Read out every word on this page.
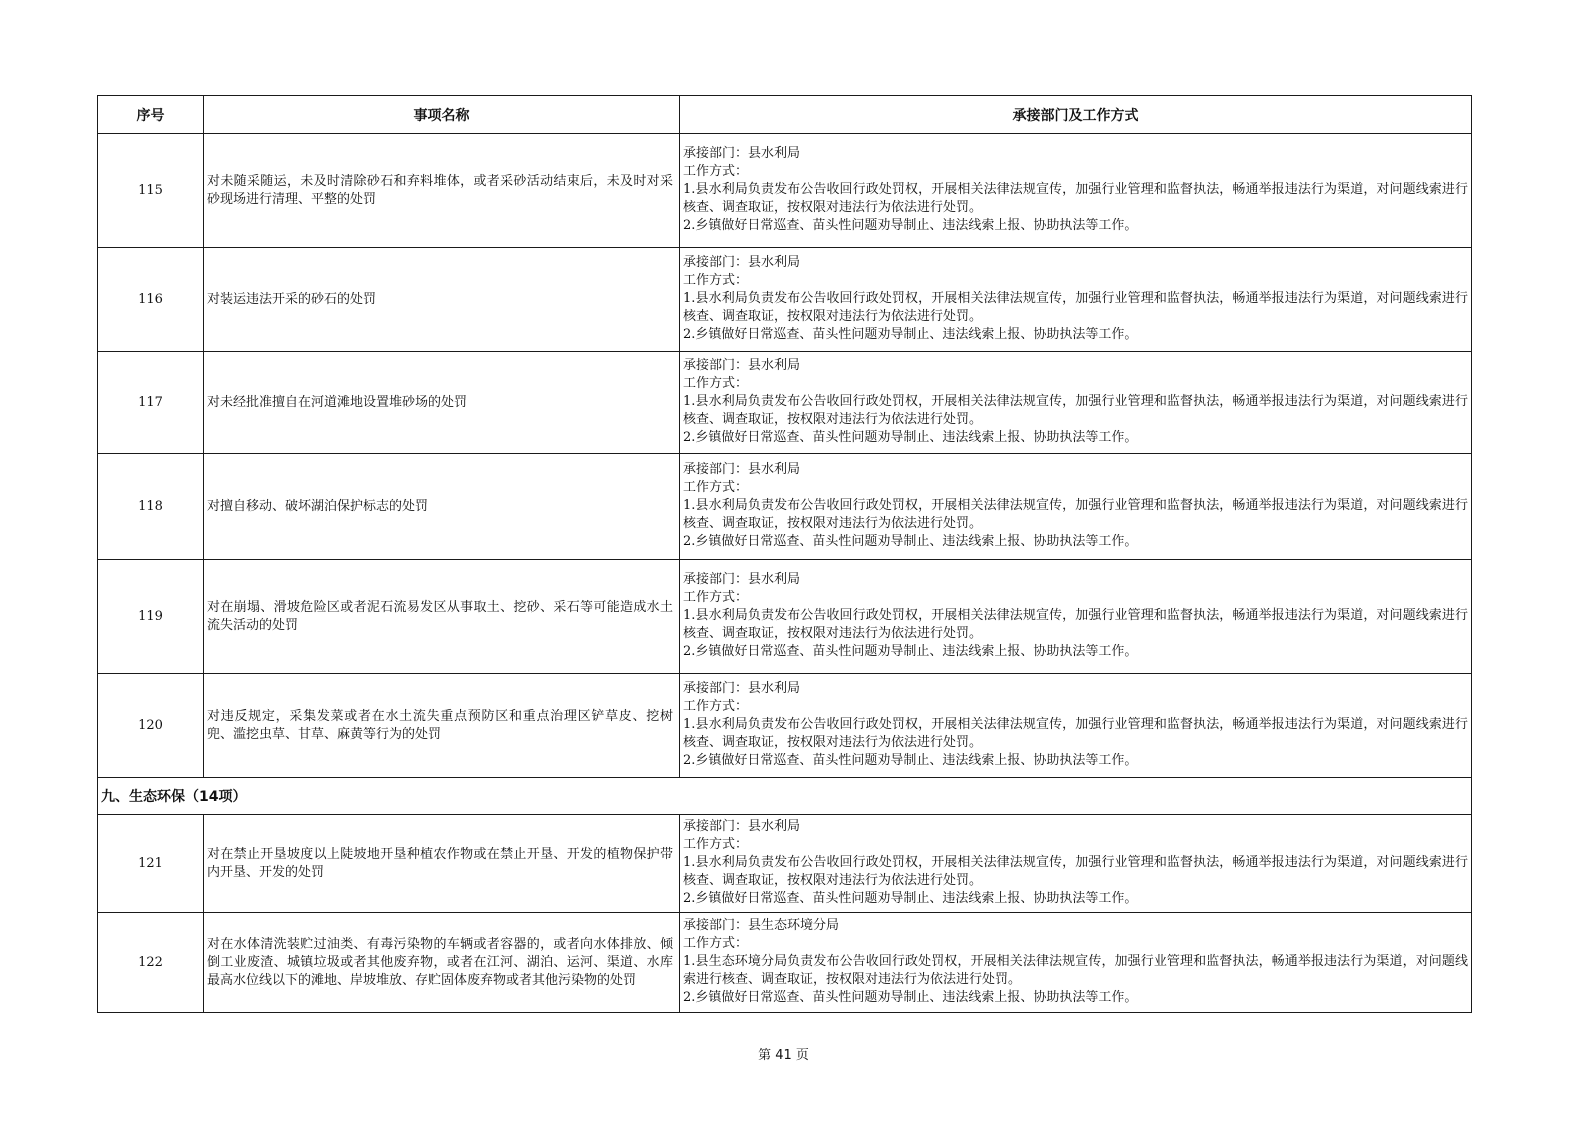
序号	事项名称	承接部门及工作方式
115	对未随采随运，未及时清除砂石和弃料堆体，或者采砂活动结束后，未及时对采砂现场进行清理、平整的处罚	承接部门：县水利局
工作方式：
1.县水利局负责发布公告收回行政处罚权，开展相关法律法规宣传，加强行业管理和监督执法，畅通举报违法行为渠道，对问题线索进行核查、调查取证，按权限对违法行为依法进行处罚。
2.乡镇做好日常巡查、苗头性问题劝导制止、违法线索上报、协助执法等工作。

116	对装运违法开采的砂石的处罚	承接部门：县水利局
工作方式：
1.县水利局负责发布公告收回行政处罚权，开展相关法律法规宣传，加强行业管理和监督执法，畅通举报违法行为渠道，对问题线索进行核查、调查取证，按权限对违法行为依法进行处罚。
2.乡镇做好日常巡查、苗头性问题劝导制止、违法线索上报、协助执法等工作。

117	对未经批准擅自在河道滩地设置堆砂场的处罚	承接部门：县水利局
工作方式：
1.县水利局负责发布公告收回行政处罚权，开展相关法律法规宣传，加强行业管理和监督执法，畅通举报违法行为渠道，对问题线索进行核查、调查取证，按权限对违法行为依法进行处罚。
2.乡镇做好日常巡查、苗头性问题劝导制止、违法线索上报、协助执法等工作。

118	对擅自移动、破坏湖泊保护标志的处罚	承接部门：县水利局
工作方式：
1.县水利局负责发布公告收回行政处罚权，开展相关法律法规宣传，加强行业管理和监督执法，畅通举报违法行为渠道，对问题线索进行核查、调查取证，按权限对违法行为依法进行处罚。
2.乡镇做好日常巡查、苗头性问题劝导制止、违法线索上报、协助执法等工作。

119	对在崩塌、滑坡危险区或者泥石流易发区从事取土、挖砂、采石等可能造成水土流失活动的处罚	承接部门：县水利局
工作方式：
1.县水利局负责发布公告收回行政处罚权，开展相关法律法规宣传，加强行业管理和监督执法，畅通举报违法行为渠道，对问题线索进行核查、调查取证，按权限对违法行为依法进行处罚。
2.乡镇做好日常巡查、苗头性问题劝导制止、违法线索上报、协助执法等工作。

120	对违反规定，采集发菜或者在水土流失重点预防区和重点治理区铲草皮、挖树兜、滥挖虫草、甘草、麻黄等行为的处罚	承接部门：县水利局
工作方式：
1.县水利局负责发布公告收回行政处罚权，开展相关法律法规宣传，加强行业管理和监督执法，畅通举报违法行为渠道，对问题线索进行核查、调查取证，按权限对违法行为依法进行处罚。
2.乡镇做好日常巡查、苗头性问题劝导制止、违法线索上报、协助执法等工作。

九、生态环保（14项）		
121	对在禁止开垦坡度以上陡坡地开垦种植农作物或在禁止开垦、开发的植物保护带内开垦、开发的处罚	承接部门：县水利局
工作方式：
1.县水利局负责发布公告收回行政处罚权，开展相关法律法规宣传，加强行业管理和监督执法，畅通举报违法行为渠道，对问题线索进行核查、调查取证，按权限对违法行为依法进行处罚。
2.乡镇做好日常巡查、苗头性问题劝导制止、违法线索上报、协助执法等工作。

122	对在水体清洗装贮过油类、有毒污染物的车辆或者容器的，或者向水体排放、倾倒工业废渣、城镇垃圾或者其他废弃物，或者在江河、湖泊、运河、渠道、水库最高水位线以下的滩地、岸坡堆放、存贮固体废弃物或者其他污染物的处罚	承接部门：县生态环境分局
工作方式：
1.县生态环境分局负责发布公告收回行政处罚权，开展相关法律法规宣传，加强行业管理和监督执法，畅通举报违法行为渠道，对问题线索进行核查、调查取证，按权限对违法行为依法进行处罚。
2.乡镇做好日常巡查、苗头性问题劝导制止、违法线索上报、协助执法等工作。
第 41 页
